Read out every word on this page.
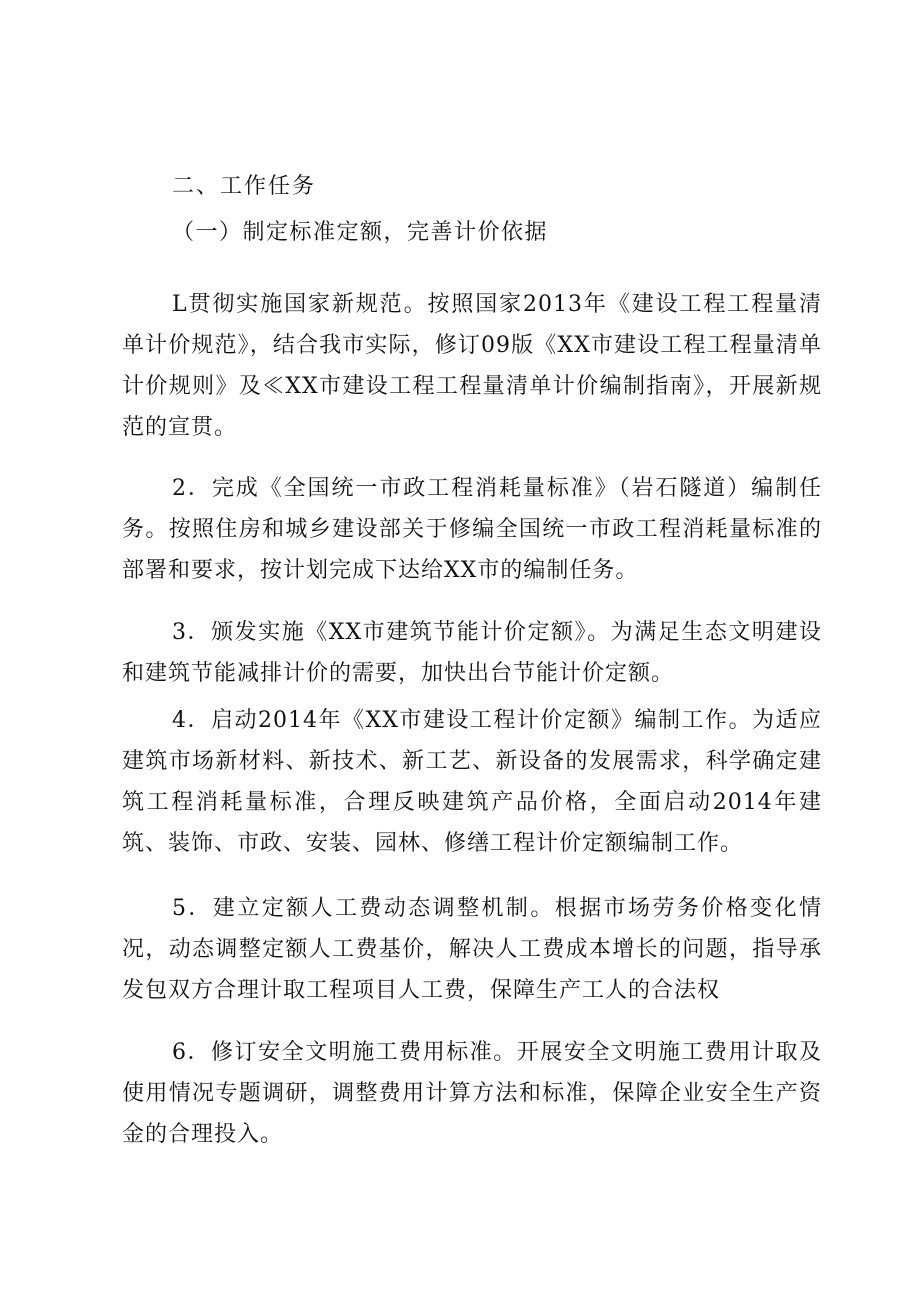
二、工作任务
（一）制定标准定额，完善计价依据

L贯彻实施国家新规范。按照国家2013年《建设工程工程量清单计价规范》，结合我市实际，修订09版《XX市建设工程工程量清单计价规则》及≪XX市建设工程工程量清单计价编制指南》，开展新规范的宣贯。

2．完成《全国统一市政工程消耗量标准》（岩石隧道）编制任务。按照住房和城乡建设部关于修编全国统一市政工程消耗量标准的部署和要求，按计划完成下达给XX市的编制任务。

3．颁发实施《XX市建筑节能计价定额》。为满足生态文明建设和建筑节能减排计价的需要，加快出台节能计价定额。

4．启动2014年《XX市建设工程计价定额》编制工作。为适应建筑市场新材料、新技术、新工艺、新设备的发展需求，科学确定建筑工程消耗量标准，合理反映建筑产品价格，全面启动2014年建筑、装饰、市政、安装、园林、修缮工程计价定额编制工作。

5．建立定额人工费动态调整机制。根据市场劳务价格变化情况，动态调整定额人工费基价，解决人工费成本增长的问题，指导承发包双方合理计取工程项目人工费，保障生产工人的合法权

6．修订安全文明施工费用标准。开展安全文明施工费用计取及使用情况专题调研，调整费用计算方法和标准，保障企业安全生产资金的合理投入。
